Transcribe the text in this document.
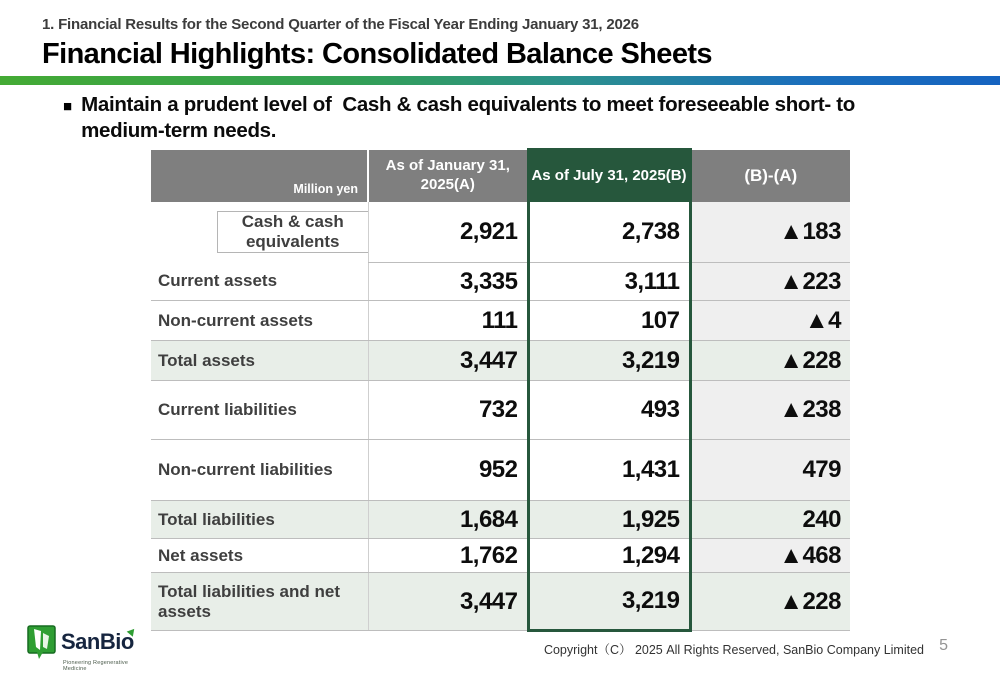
1. Financial Results for the Second Quarter of the Fiscal Year Ending January 31, 2026
Financial Highlights: Consolidated Balance Sheets
■ Maintain a prudent level of  Cash & cash equivalents to meet foreseeable short- to medium-term needs.
Million yen	As of January 31, 2025(A)	As of July 31, 2025(B)	(B)-(A)

Cash & cash equivalents	2,921	2,738	▲183
Current assets	3,335	3,111	▲223
Non-current assets	111	107	▲4
Total assets	3,447	3,219	▲228
Current liabilities	732	493	▲238
Non-current liabilities	952	1,431	479
Total liabilities	1,684	1,925	240
Net assets	1,762	1,294	▲468
Total liabilities and net assets	3,447	3,219	▲228
SanBio
Pioneering Regenerative Medicine
Copyright（C） 2025 All Rights Reserved, SanBio Company Limited 5
